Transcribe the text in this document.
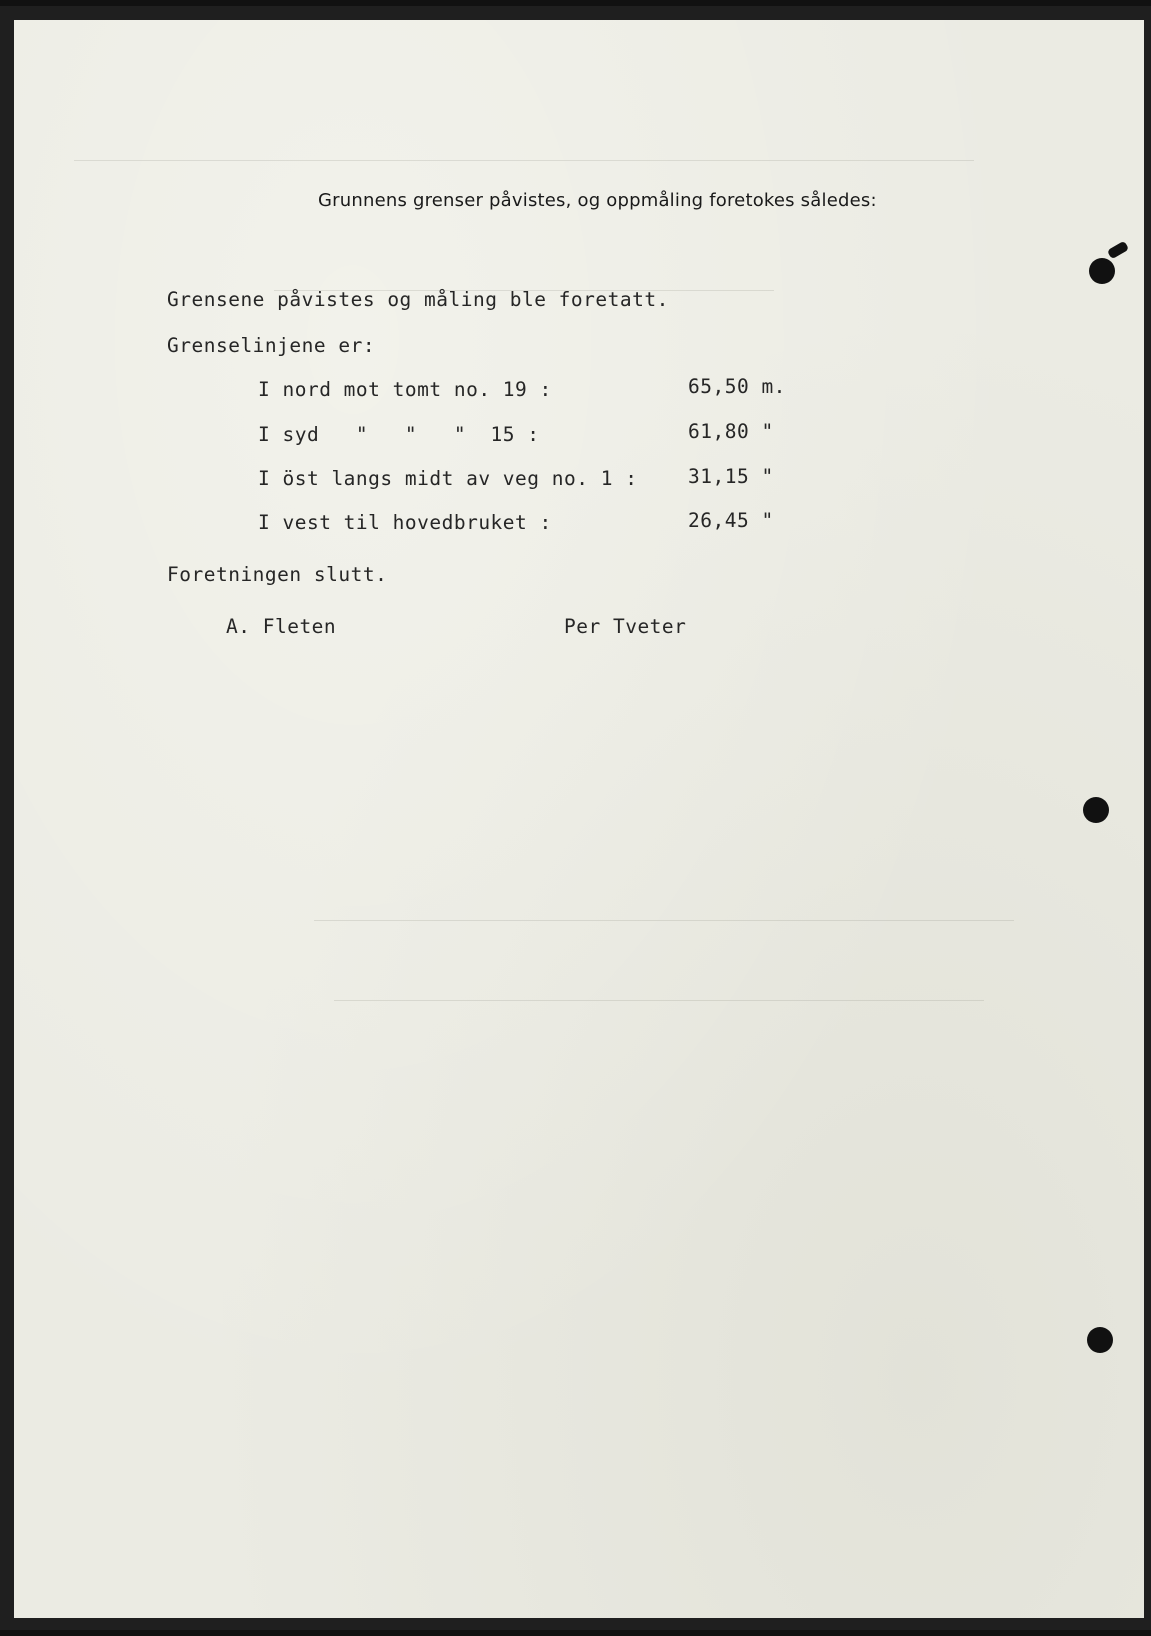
Grunnens grenser påvistes, og oppmåling foretokes således:
Grensene påvistes og måling ble foretatt.
Grenselinjene er:
I nord mot tomt no. 19 :	65,50 m.
I syd   "   "   "  15 :	61,80 "
I öst langs midt av veg no. 1 :	31,15 "
I vest til hovedbruket :	26,45 "
Foretningen slutt.
A. Fleten	Per Tveter
